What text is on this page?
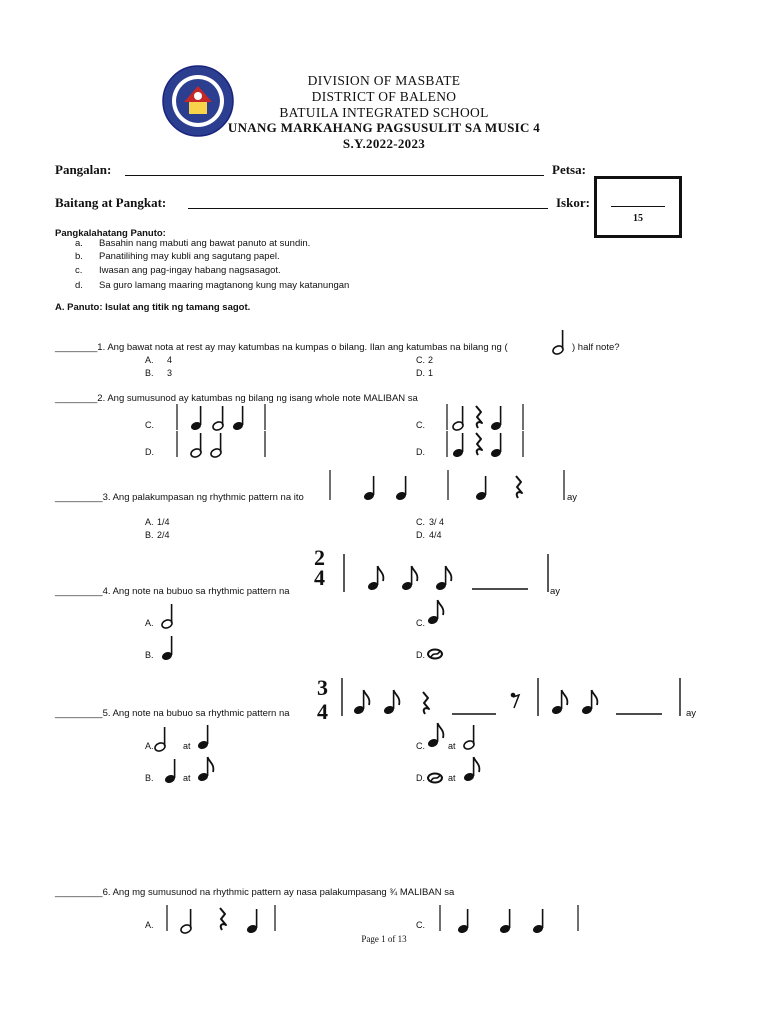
DIVISION OF MASBATE
DISTRICT OF BALENO
BATUILA INTEGRATED SCHOOL
UNANG MARKAHANG PAGSUSULIT SA MUSIC 4
S.Y.2022-2023
Pangalan:	Petsa:
Baitang at Pangkat:	Iskor:
15
Pangkalahatang Panuto:
a. Basahin nang mabuti ang bawat panuto at sundin.
b. Panatilihing may kubli ang sagutang papel.
c. Iwasan ang pag-ingay habang nagsasagot.
d. Sa guro lamang maaring magtanong kung may katanungan
A. Panuto: Isulat ang titik ng tamang sagot.
________1. Ang bawat nota at rest ay may katumbas na kumpas o bilang. Ilan ang katumbas na bilang ng (	) half note?
A. 4
B. 3
C. 2
D. 1
________2. Ang sumusunod ay katumbas ng bilang ng isang whole note MALIBAN sa
C.
D.
C.
D.
_________3. Ang palakumpasan ng rhythmic pattern na ito	ay
A. 1/4
B. 2/4
C. 3/ 4
D. 4/4
_________4. Ang note na bubuo sa rhythmic pattern na
2
4
ay
A.
B.
C.
D.
_________5. Ang note na bubuo sa rhythmic pattern na
3
4	ay
A.	at
B.	at
C.	at
D.	at
_________6. Ang mg sumusunod na rhythmic pattern ay nasa palakumpasang ¾ MALIBAN sa
A.	C.
Page 1 of 13
